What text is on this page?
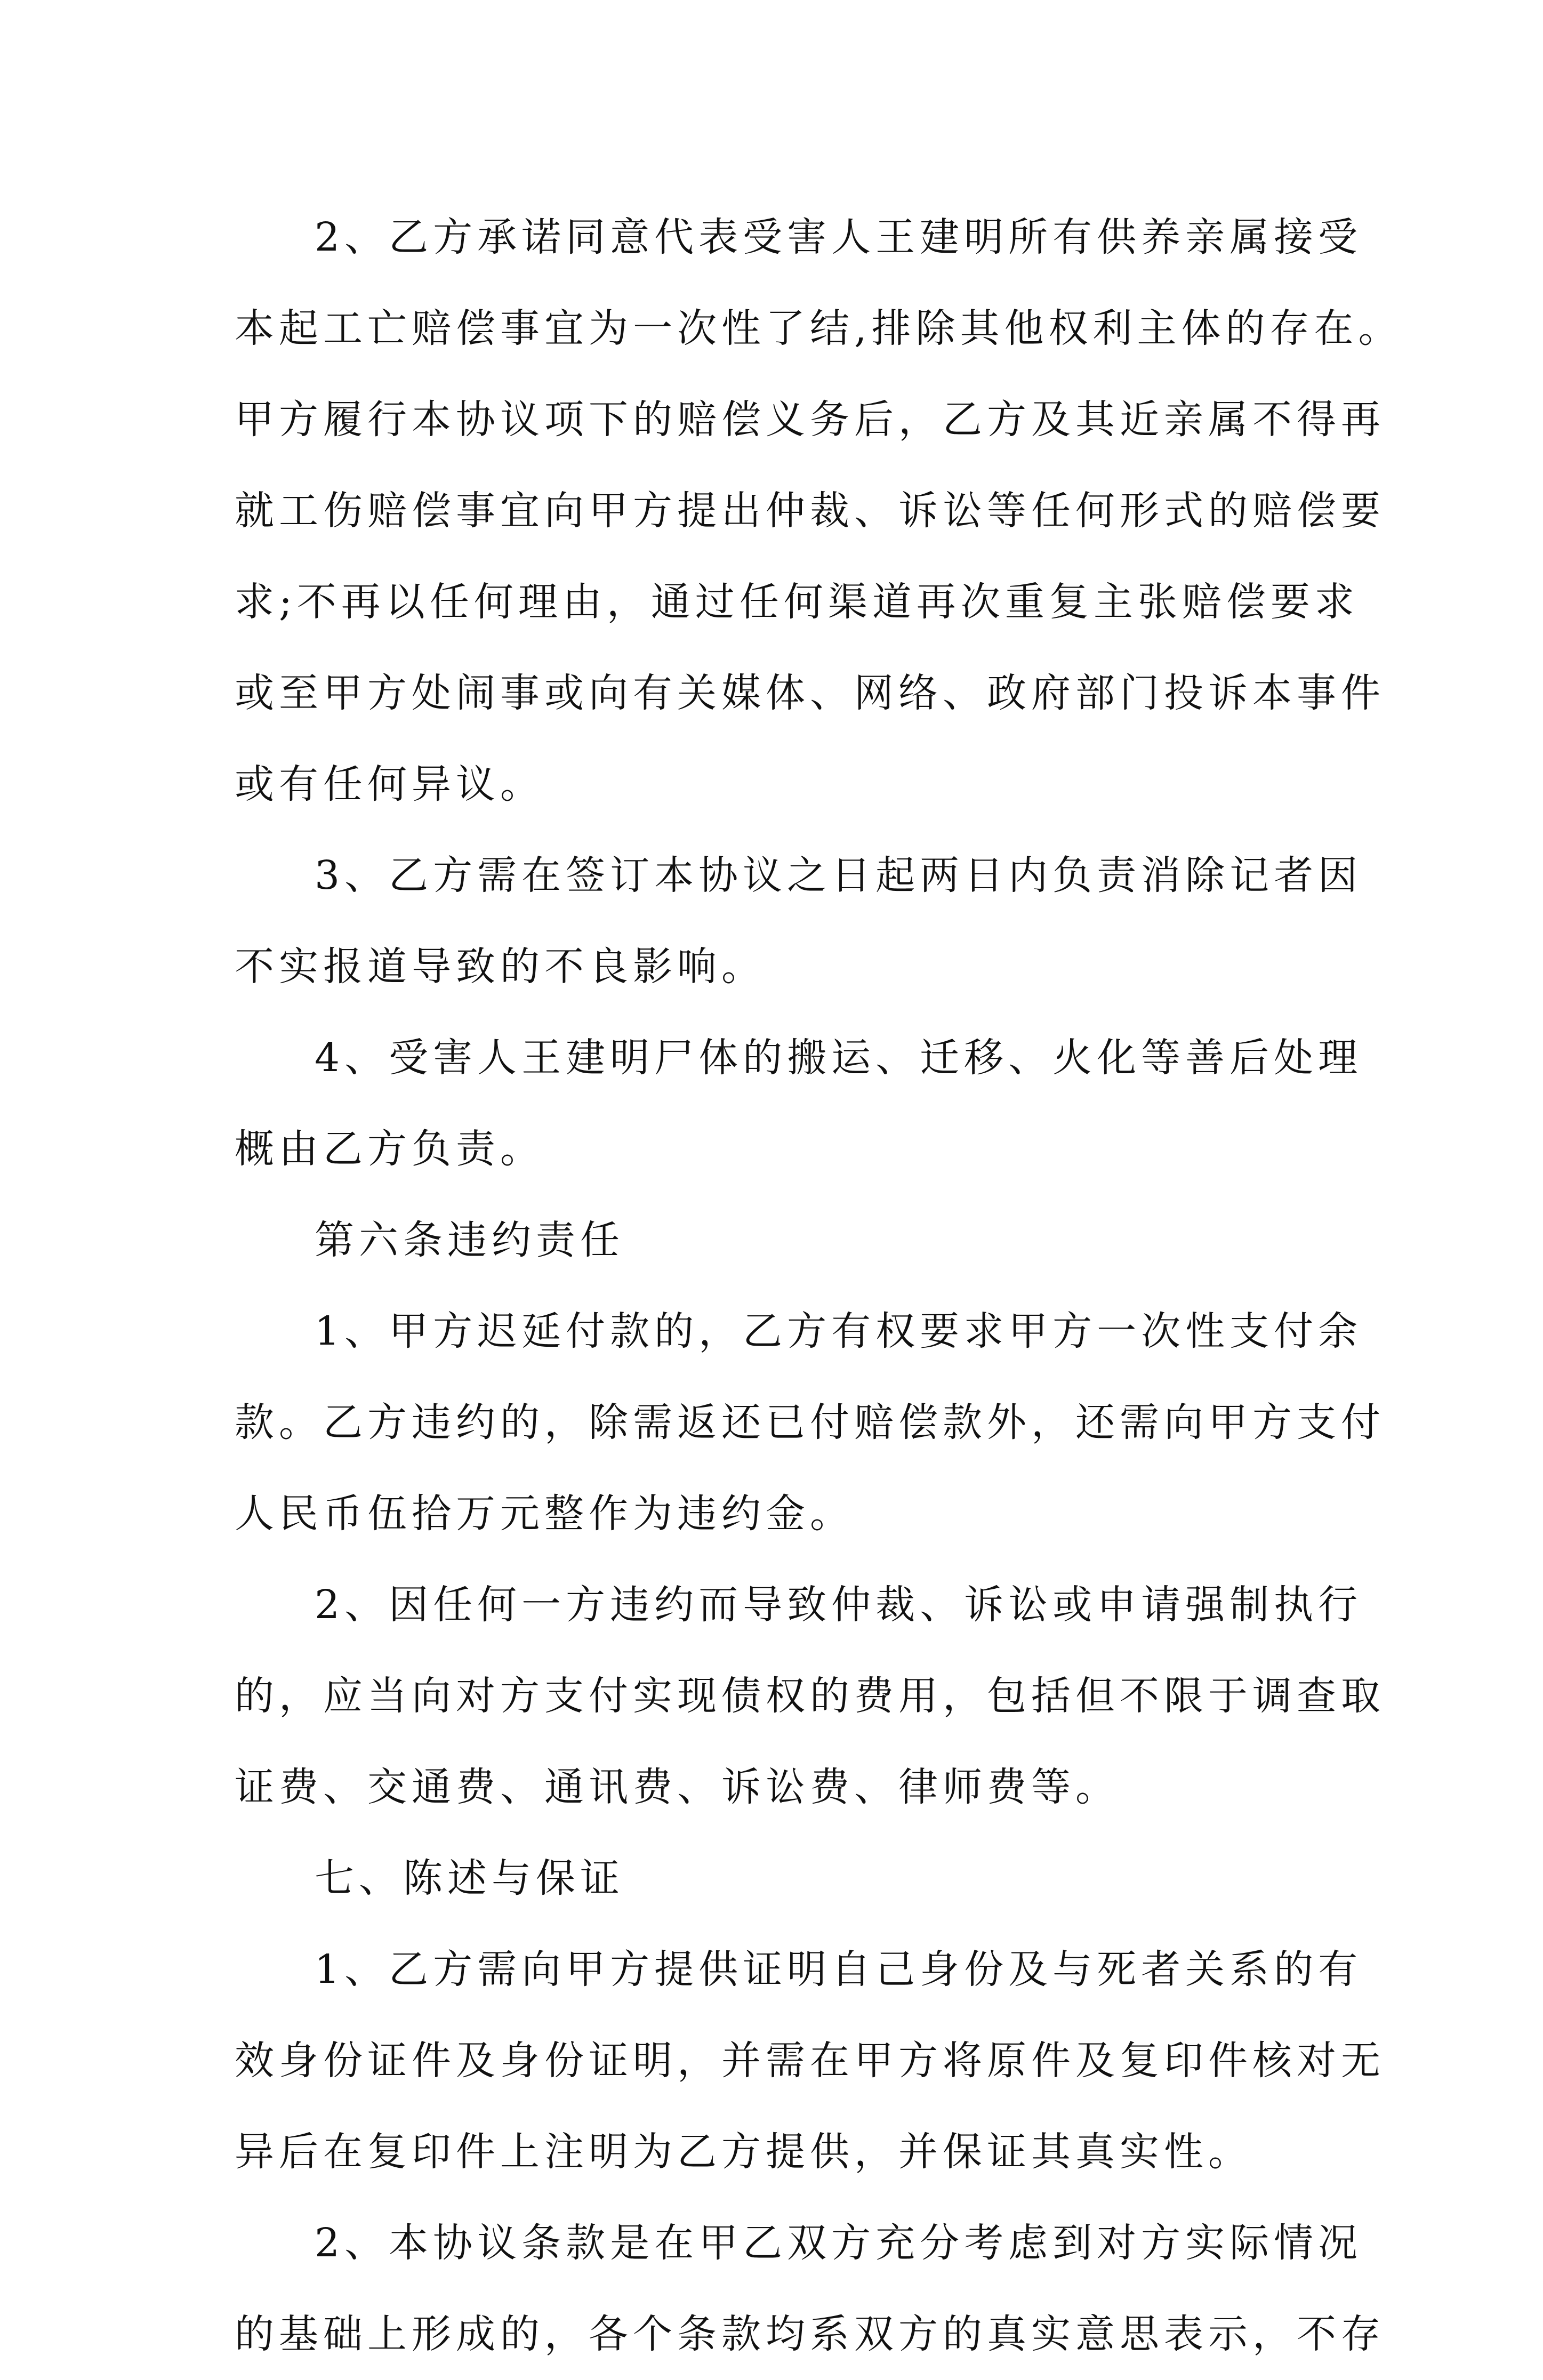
2、乙方承诺同意代表受害人王建明所有供养亲属接受
本起工亡赔偿事宜为一次性了结,排除其他权利主体的存在。
甲方履行本协议项下的赔偿义务后，乙方及其近亲属不得再
就工伤赔偿事宜向甲方提出仲裁、诉讼等任何形式的赔偿要
求;不再以任何理由，通过任何渠道再次重复主张赔偿要求
或至甲方处闹事或向有关媒体、网络、政府部门投诉本事件
或有任何异议。
3、乙方需在签订本协议之日起两日内负责消除记者因
不实报道导致的不良影响。
4、受害人王建明尸体的搬运、迁移、火化等善后处理
概由乙方负责。
第六条违约责任
1、甲方迟延付款的，乙方有权要求甲方一次性支付余
款。乙方违约的，除需返还已付赔偿款外，还需向甲方支付
人民币伍拾万元整作为违约金。
2、因任何一方违约而导致仲裁、诉讼或申请强制执行
的，应当向对方支付实现债权的费用，包括但不限于调查取
证费、交通费、通讯费、诉讼费、律师费等。
七、陈述与保证
1、乙方需向甲方提供证明自己身份及与死者关系的有
效身份证件及身份证明，并需在甲方将原件及复印件核对无
异后在复印件上注明为乙方提供，并保证其真实性。
2、本协议条款是在甲乙双方充分考虑到对方实际情况
的基础上形成的，各个条款均系双方的真实意思表示，不存
